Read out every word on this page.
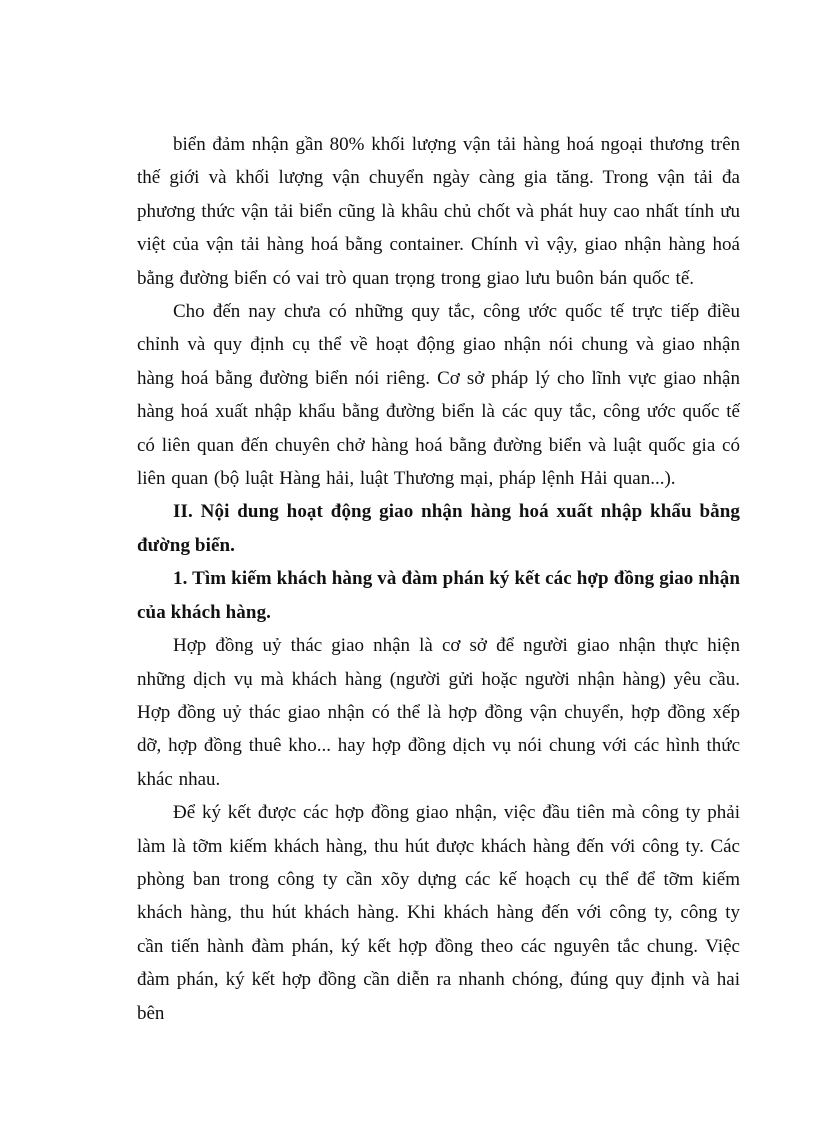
biển đảm nhận gần 80% khối lượng vận tải hàng hoá ngoại thương trên thế giới và khối lượng vận chuyển ngày càng gia tăng. Trong vận tải đa phương thức vận tải biển cũng là khâu chủ chốt và phát huy cao nhất tính ưu việt của vận tải hàng hoá bằng container. Chính vì vậy, giao nhận hàng hoá bằng đường biển có vai trò quan trọng trong giao lưu buôn bán quốc tế.

Cho đến nay chưa có những quy tắc, công ước quốc tế trực tiếp điều chỉnh và quy định cụ thể về hoạt động giao nhận nói chung và giao nhận hàng hoá bằng đường biển nói riêng. Cơ sở pháp lý cho lĩnh vực giao nhận hàng hoá xuất nhập khẩu bằng đường biển là các quy tắc, công ước quốc tế có liên quan đến chuyên chở hàng hoá bằng đường biển và luật quốc gia có liên quan (bộ luật Hàng hải, luật Thương mại, pháp lệnh Hải quan...).

II. Nội dung hoạt động giao nhận hàng hoá xuất nhập khẩu bằng đường biển.

1. Tìm kiếm khách hàng và đàm phán ký kết các hợp đồng giao nhận của khách hàng.

Hợp đồng uỷ thác giao nhận là cơ sở để người giao nhận thực hiện những dịch vụ mà khách hàng (người gửi hoặc người nhận hàng) yêu cầu. Hợp đồng uỷ thác giao nhận có thể là hợp đồng vận chuyển, hợp đồng xếp dỡ, hợp đồng thuê kho... hay hợp đồng dịch vụ nói chung với các hình thức khác nhau.

Để ký kết được các hợp đồng giao nhận, việc đầu tiên mà công ty phải làm là tỡm kiếm khách hàng, thu hút được khách hàng đến với công ty. Các phòng ban trong công ty cần xõy dựng các kế hoạch cụ thể để tỡm kiếm khách hàng, thu hút khách hàng. Khi khách hàng đến với công ty, công ty cần tiến hành đàm phán, ký kết hợp đồng theo các nguyên tắc chung. Việc đàm phán, ký kết hợp đồng cần diễn ra nhanh chóng, đúng quy định và hai bên
